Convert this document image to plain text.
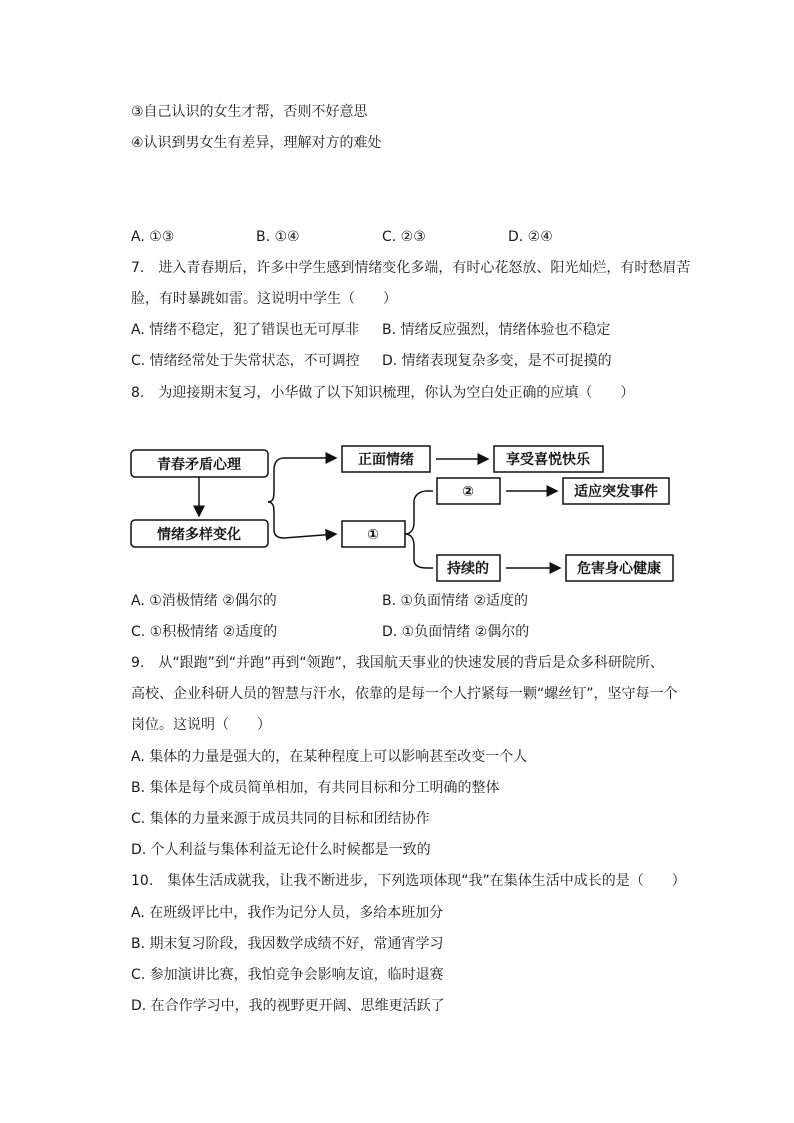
③自己认识的女生才帮，否则不好意思
④认识到男女生有差异，理解对方的难处
A. ①③	B. ①④	C. ②③	D. ②④
7.　进入青春期后，许多中学生感到情绪变化多端，有时心花怒放、阳光灿烂，有时愁眉苦
脸，有时暴跳如雷。这说明中学生（　　）
A. 情绪不稳定，犯了错误也无可厚非 B. 情绪反应强烈，情绪体验也不稳定
C. 情绪经常处于失常状态，不可调控 D. 情绪表现复杂多变，是不可捉摸的
8.　为迎接期末复习，小华做了以下知识梳理，你认为空白处正确的应填（　　）
青春矛盾心理
情绪多样变化
正面情绪	享受喜悦快乐
①
②	适应突发事件
持续的	危害身心健康
A. ①消极情绪 ②偶尔的	B. ①负面情绪 ②适度的
C. ①积极情绪 ②适度的	D. ①负面情绪 ②偶尔的
9.　从“跟跑”到“并跑”再到“领跑”，我国航天事业的快速发展的背后是众多科研院所、
高校、企业科研人员的智慧与汗水，依靠的是每一个人拧紧每一颗“螺丝钉”，坚守每一个
岗位。这说明（　　）
A. 集体的力量是强大的，在某种程度上可以影响甚至改变一个人
B. 集体是每个成员简单相加，有共同目标和分工明确的整体
C. 集体的力量来源于成员共同的目标和团结协作
D. 个人利益与集体利益无论什么时候都是一致的
10.　集体生活成就我，让我不断进步，下列选项体现“我”在集体生活中成长的是（　　）
A. 在班级评比中，我作为记分人员，多给本班加分
B. 期末复习阶段，我因数学成绩不好，常通宵学习
C. 参加演讲比赛，我怕竞争会影响友谊，临时退赛
D. 在合作学习中，我的视野更开阔、思维更活跃了
